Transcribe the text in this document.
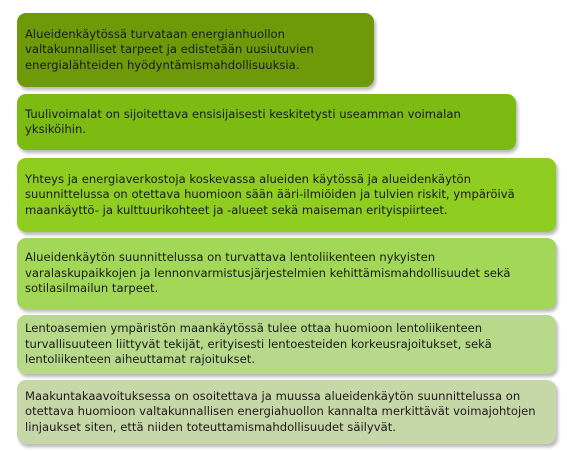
Alueidenkäytössä turvataan energianhuollon valtakunnalliset tarpeet ja edistetään uusiutuvien energialähteiden hyödyntämismahdollisuuksia.
Tuulivoimalat on sijoitettava ensisijaisesti keskitetysti useamman voimalan yksiköihin.
Yhteys ja energiaverkostoja koskevassa alueiden käytössä ja alueidenkäytön suunnittelussa on otettava huomioon sään ääri-ilmiöiden ja tulvien riskit, ympäröivä maankäyttö- ja kulttuurikohteet ja -alueet sekä maiseman erityispiirteet.
Alueidenkäytön suunnittelussa on turvattava lentoliikenteen nykyisten varalaskupaikkojen ja lennonvarmistusjärjestelmien kehittämismahdollisuudet sekä sotilasilmailun tarpeet.
Lentoasemien ympäristön maankäytössä tulee ottaa huomioon lentoliikenteen turvallisuuteen liittyvät tekijät, erityisesti lentoesteiden korkeusrajoitukset, sekä lentoliikenteen aiheuttamat rajoitukset.
Maakuntakaavoituksessa on osoitettava ja muussa alueidenkäytön suunnittelussa on otettava huomioon valtakunnallisen energiahuollon kannalta merkittävät voimajohtojen linjaukset siten, että niiden toteuttamismahdollisuudet säilyvät.
